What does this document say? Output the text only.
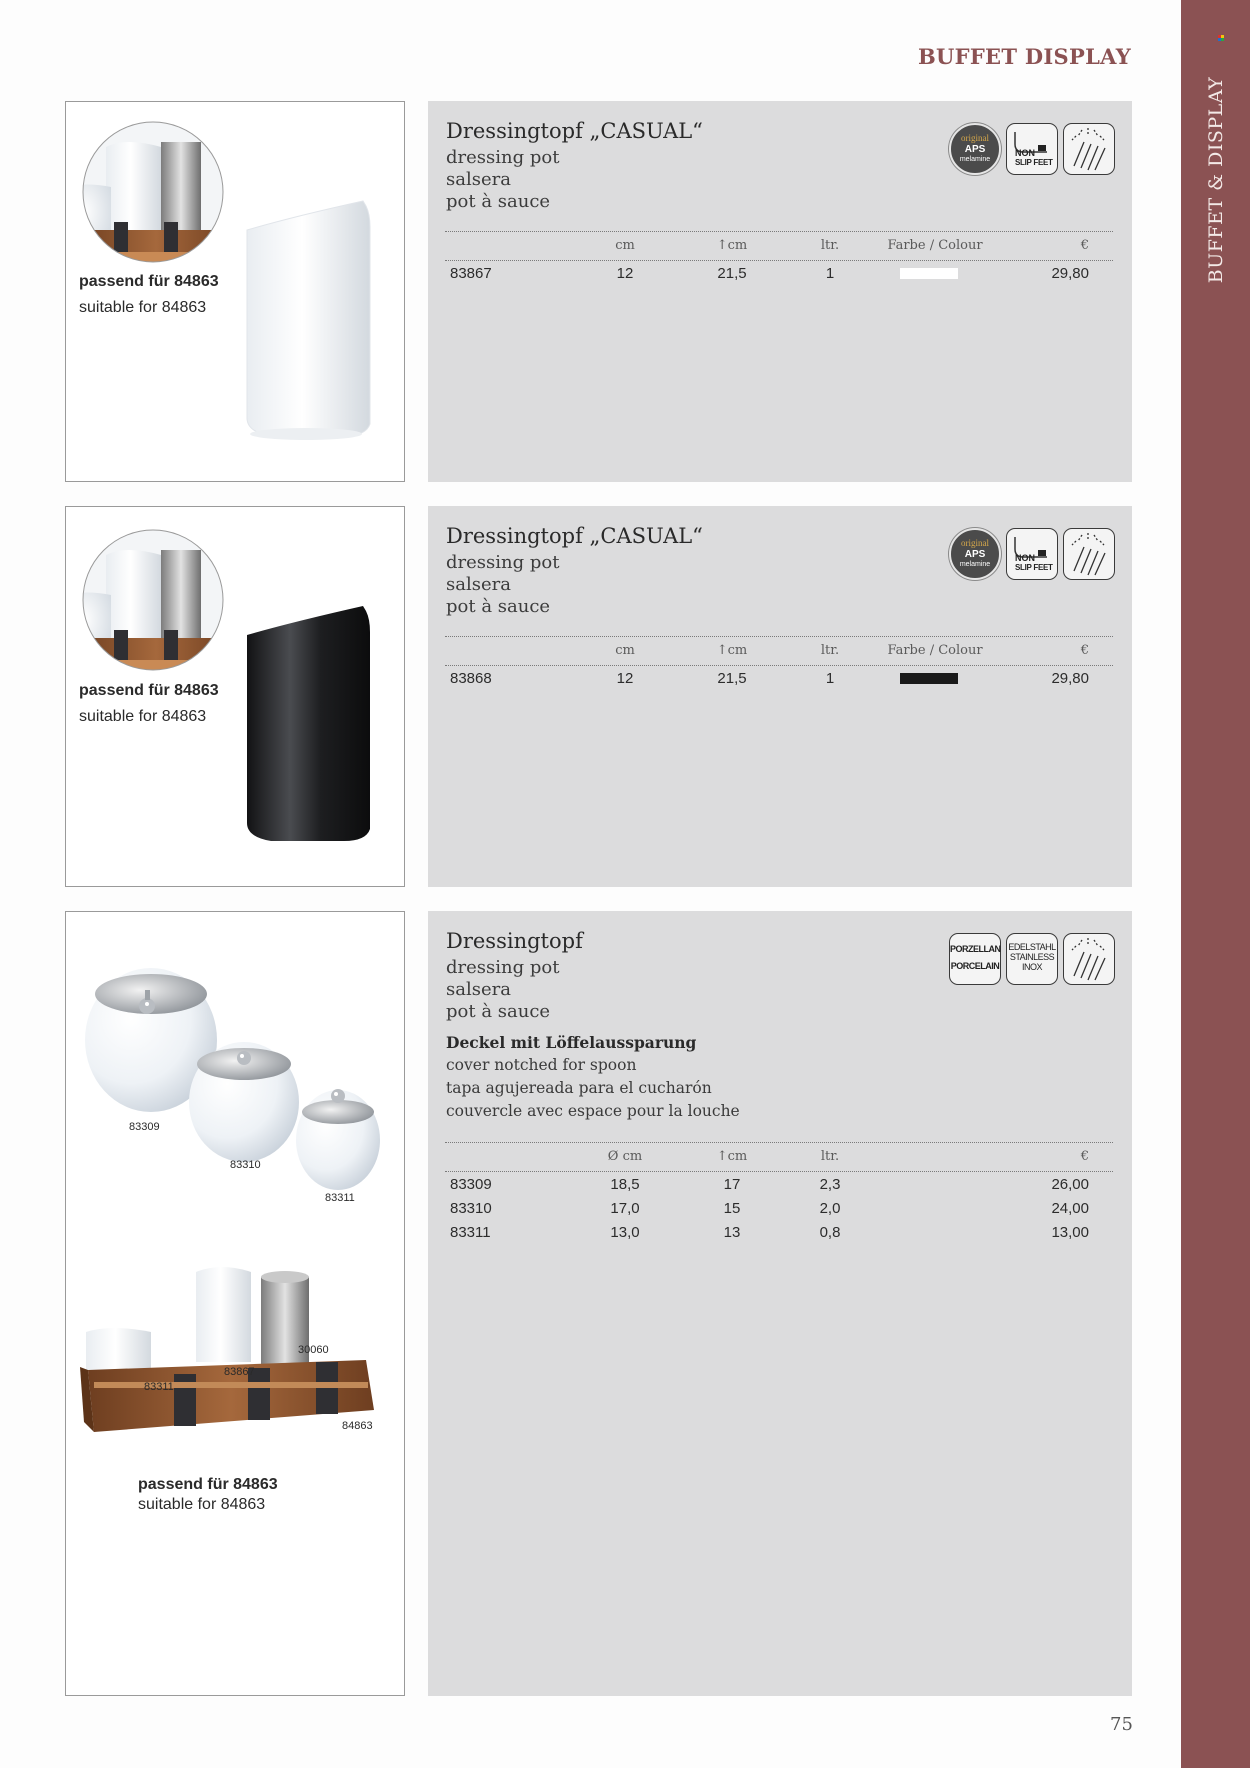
BUFFET & DISPLAY
BUFFET DISPLAY
passend für 84863
suitable for 84863
Dressingtopf „CASUAL“
dressing pot
salsera
pot à sauce
original
APS
melamine
NON
SLIP FEET
cm	↑cm	ltr.	Farbe / Colour	€
83867	12	21,5	1	29,80
passend für 84863
suitable for 84863
Dressingtopf „CASUAL“
dressing pot
salsera
pot à sauce
original
APS
melamine
NON
SLIP FEET
cm	↑cm	ltr.	Farbe / Colour	€
83868	12	21,5	1	29,80
83309
83310
83311
83311
83867
30060
84863
passend für 84863
suitable for 84863
Dressingtopf
dressing pot
salsera
pot à sauce
Deckel mit Löffelaussparung
cover notched for spoon
tapa agujereada para el cucharón
couvercle avec espace pour la louche
PORZELLAN
PORCELAIN
EDELSTAHL
STAINLESS
INOX
Ø cm	↑cm	ltr.	€
83309	18,5	17	2,3	26,00
83310	17,0	15	2,0	24,00
83311	13,0	13	0,8	13,00
75
